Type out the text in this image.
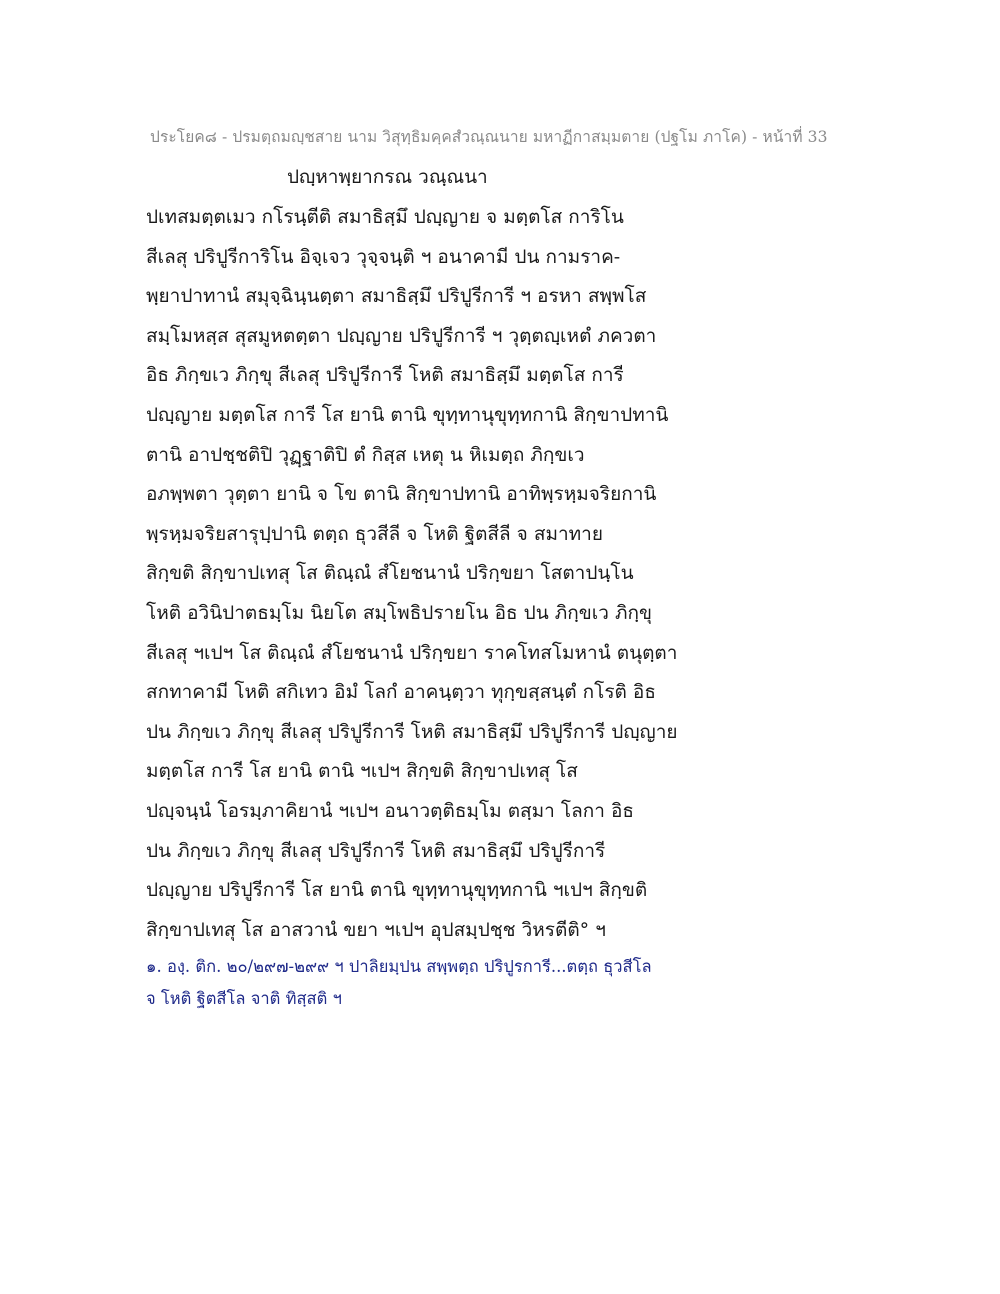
ประโยค๘ - ปรมตฺถมญฺชสาย นาม วิสุทฺธิมคฺคสํวณฺณนาย มหาฏีกาสมฺมตาย (ปฐโม ภาโค) - หน้าที่ 33
ปญฺหาพฺยากรณ วณฺณนา
ปเทสมตฺตเมว กโรนฺตีติ สมาธิสฺมึ ปญฺญาย จ มตฺตโส การิโน
สีเลสุ ปริปูรีการิโน อิจฺเจว วุจฺจนฺติ ฯ อนาคามี ปน กามราค-
พฺยาปาทานํ สมุจฺฉินฺนตฺตา สมาธิสฺมึ ปริปูรีการี ฯ อรหา สพฺพโส
สมฺโมหสฺส สุสมูหตตฺตา ปญฺญาย ปริปูรีการี ฯ วุตฺตญฺเหตํ ภควตา
อิธ ภิกฺขเว ภิกฺขุ สีเลสุ ปริปูรีการี โหติ สมาธิสฺมึ มตฺตโส การี
ปญฺญาย มตฺตโส การี โส ยานิ ตานิ ขุทฺทานุขุทฺทกานิ สิกฺขาปทานิ
ตานิ อาปชฺชติปิ วุฏฺฐาติปิ ตํ กิสฺส เหตุ น หิเมตฺถ ภิกฺขเว
อภพฺพตา วุตฺตา ยานิ จ โข ตานิ สิกฺขาปทานิ อาทิพฺรหฺมจริยกานิ
พฺรหฺมจริยสารุปฺปานิ ตตฺถ ธุวสีลี จ โหติ ฐิตสีลี จ สมาทาย
สิกฺขติ สิกฺขาปเทสุ โส ติณฺณํ สํโยชนานํ ปริกฺขยา โสตาปนฺโน
โหติ อวินิปาตธมฺโม นิยโต สมฺโพธิปรายโน อิธ ปน ภิกฺขเว ภิกฺขุ
สีเลสุ ฯเปฯ โส ติณฺณํ สํโยชนานํ ปริกฺขยา ราคโทสโมหานํ ตนุตฺตา
สกทาคามี โหติ สกิเทว อิมํ โลกํ อาคนฺตฺวา ทุกฺขสฺสนฺตํ กโรติ อิธ
ปน ภิกฺขเว ภิกฺขุ สีเลสุ ปริปูรีการี โหติ สมาธิสฺมึ ปริปูรีการี ปญฺญาย
มตฺตโส การี โส ยานิ ตานิ ฯเปฯ สิกฺขติ สิกฺขาปเทสุ โส
ปญฺจนฺนํ โอรมฺภาคิยานํ ฯเปฯ อนาวตฺติธมฺโม ตสฺมา โลกา อิธ
ปน ภิกฺขเว ภิกฺขุ สีเลสุ ปริปูรีการี โหติ สมาธิสฺมึ ปริปูรีการี
ปญฺญาย ปริปูรีการี โส ยานิ ตานิ ขุทฺทานุขุทฺทกานิ ฯเปฯ สิกฺขติ
สิกฺขาปเทสุ โส อาสวานํ ขยา ฯเปฯ อุปสมฺปชฺช วิหรตีติ° ฯ
๑. องฺ. ติก. ๒๐/๒๙๗-๒๙๙ ฯ ปาลิยมฺปน สพฺพตฺถ ปริปูรการี...ตตฺถ ธุวสีโล
จ โหติ ฐิตสีโล จาติ ทิสฺสติ ฯ
